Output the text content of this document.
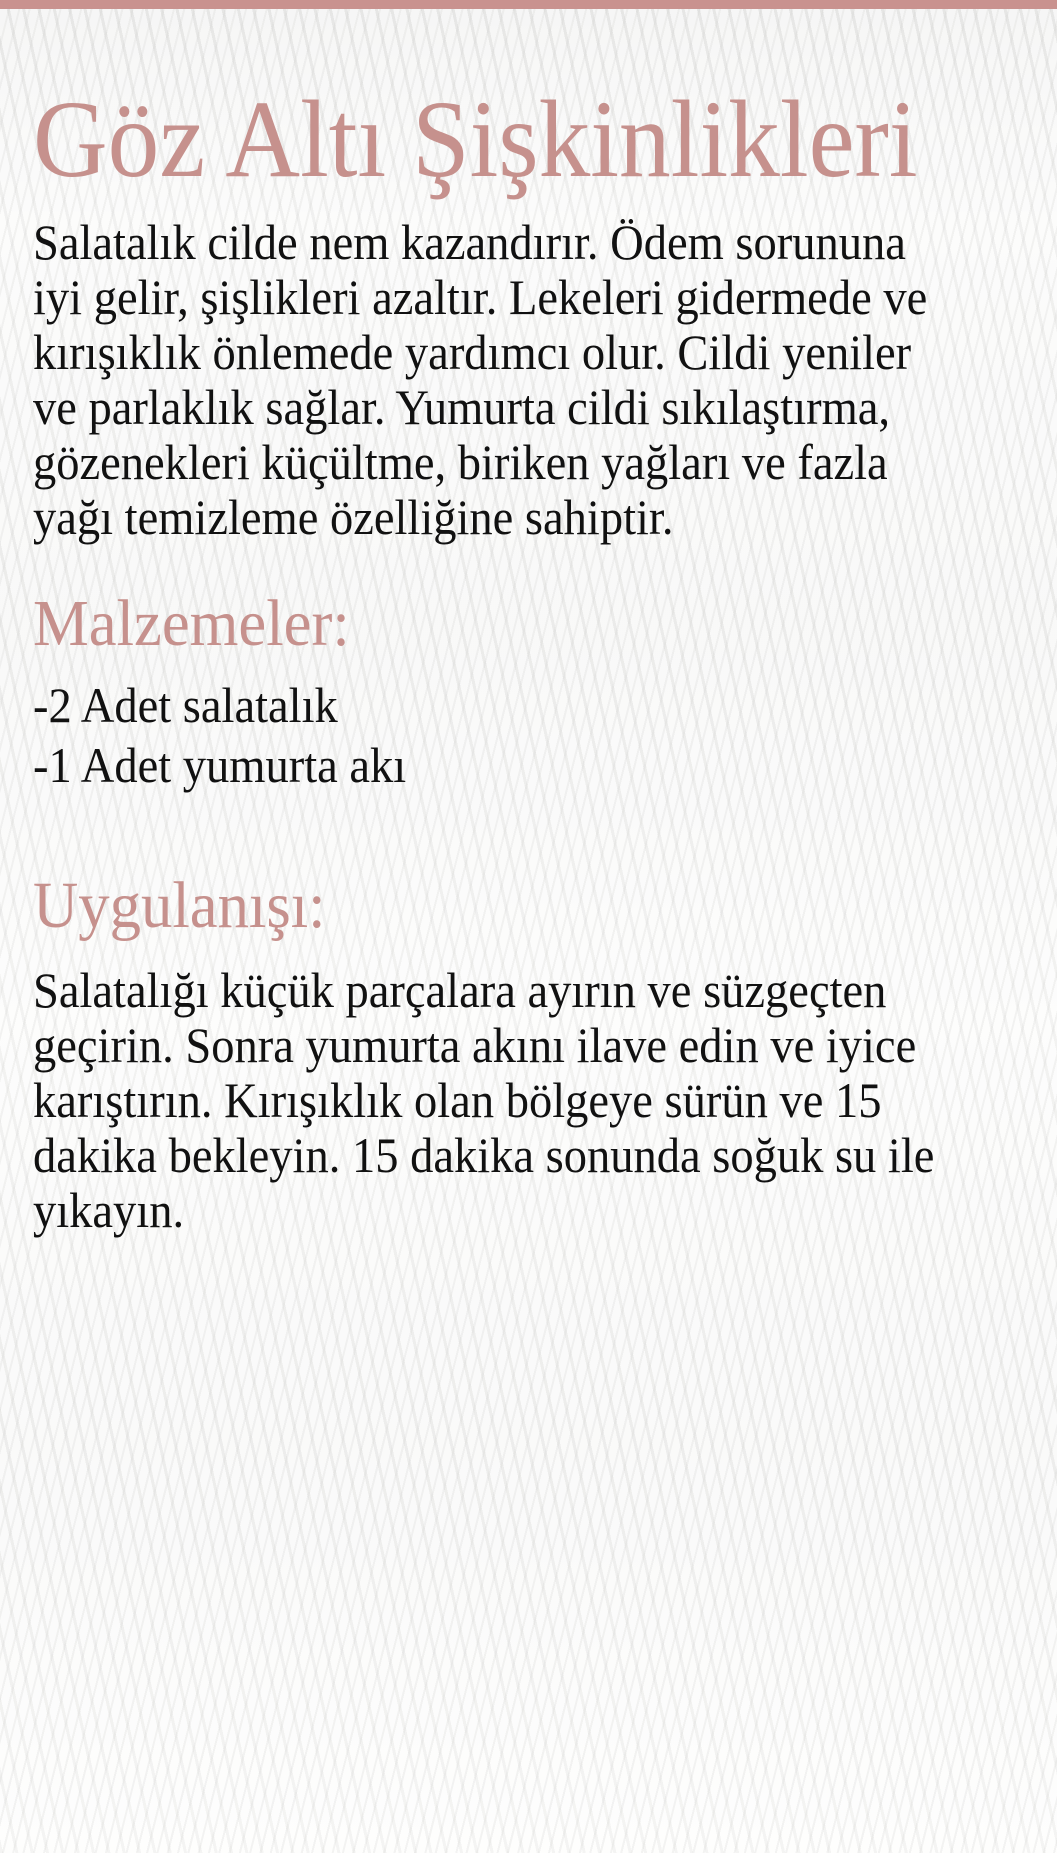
Göz Altı Şişkinlikleri
Salatalık cilde nem kazandırır. Ödem sorununa
iyi gelir, şişlikleri azaltır. Lekeleri gidermede ve
kırışıklık önlemede yardımcı olur. Cildi yeniler
ve parlaklık sağlar. Yumurta cildi sıkılaştırma,
gözenekleri küçültme, biriken yağları ve fazla
yağı temizleme özelliğine sahiptir.
Malzemeler:
-2 Adet salatalık
-1 Adet yumurta akı
Uygulanışı:
Salatalığı küçük parçalara ayırın ve süzgeçten
geçirin. Sonra yumurta akını ilave edin ve iyice
karıştırın. Kırışıklık olan bölgeye sürün ve 15
dakika bekleyin. 15 dakika sonunda soğuk su ile
yıkayın.
